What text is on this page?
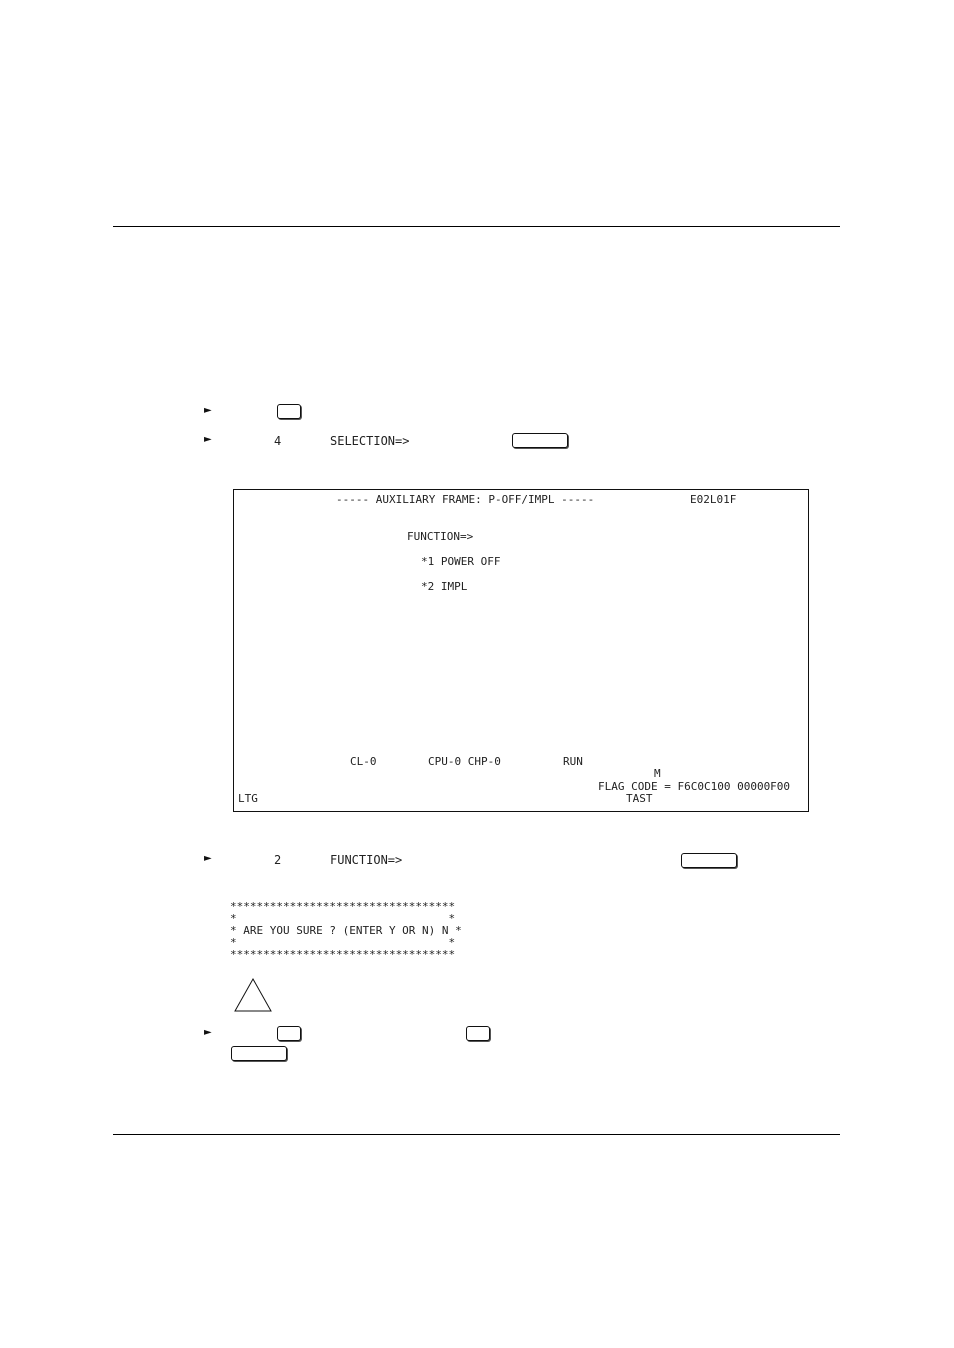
►
►	4	SELECTION=>
----- AUXILIARY FRAME: P-OFF/IMPL -----	E02L01F
FUNCTION=>
*1 POWER OFF
*2 IMPL
CL-0	CPU-0 CHP-0	RUN
M
FLAG CODE = F6C0C100 00000F00
LTG	TAST
►	2	FUNCTION=>
**********************************
*                                *
* ARE YOU SURE ? (ENTER Y OR N) N *
*                                *
**********************************
►
